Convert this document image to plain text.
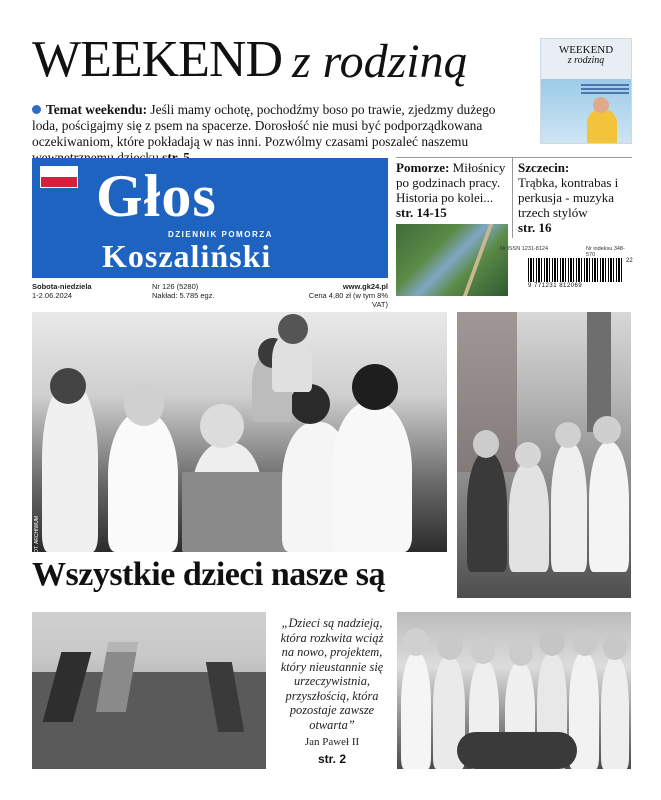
WEEKEND z rodziną

Temat weekendu: Jeśli mamy ochotę, pochodźmy boso po trawie, zjedzmy dużego loda, pościgajmy się z psem na spacerze. Dorosłość nie musi być podporządkowana oczekiwaniom, które pokładają w nas inni. Pozwólmy czasami poszaleć naszemu

WEEKEND
z rodziną
Głos
DZIENNIK POMORZA
Koszaliński
Sobota-niedziela
1-2.06.2024
Nr 126 (5280)
Nakład: 5.785 egz.
www.gk24.pl
Cena 4,80 zł (w tym 8% VAT)

Pomorze: Miłośnicy po godzinach pracy. Historia po kolei...
str. 14-15

Szczecin:
Trąbka, kontrabas i perkusja - muzyka trzech stylów
str. 16

Nr ISSN 1231-8124	Nr indeksu 348-570
9 771231 812069
22
FOT. ARCHIWUM
Wszystkie dzieci nasze są

„Dzieci są nadzieją, która rozkwita wciąż na nowo, projektem, który nieustannie się urzeczywistnia, przyszłością, która pozostaje zawsze otwarta”

Jan Paweł II

str. 2
